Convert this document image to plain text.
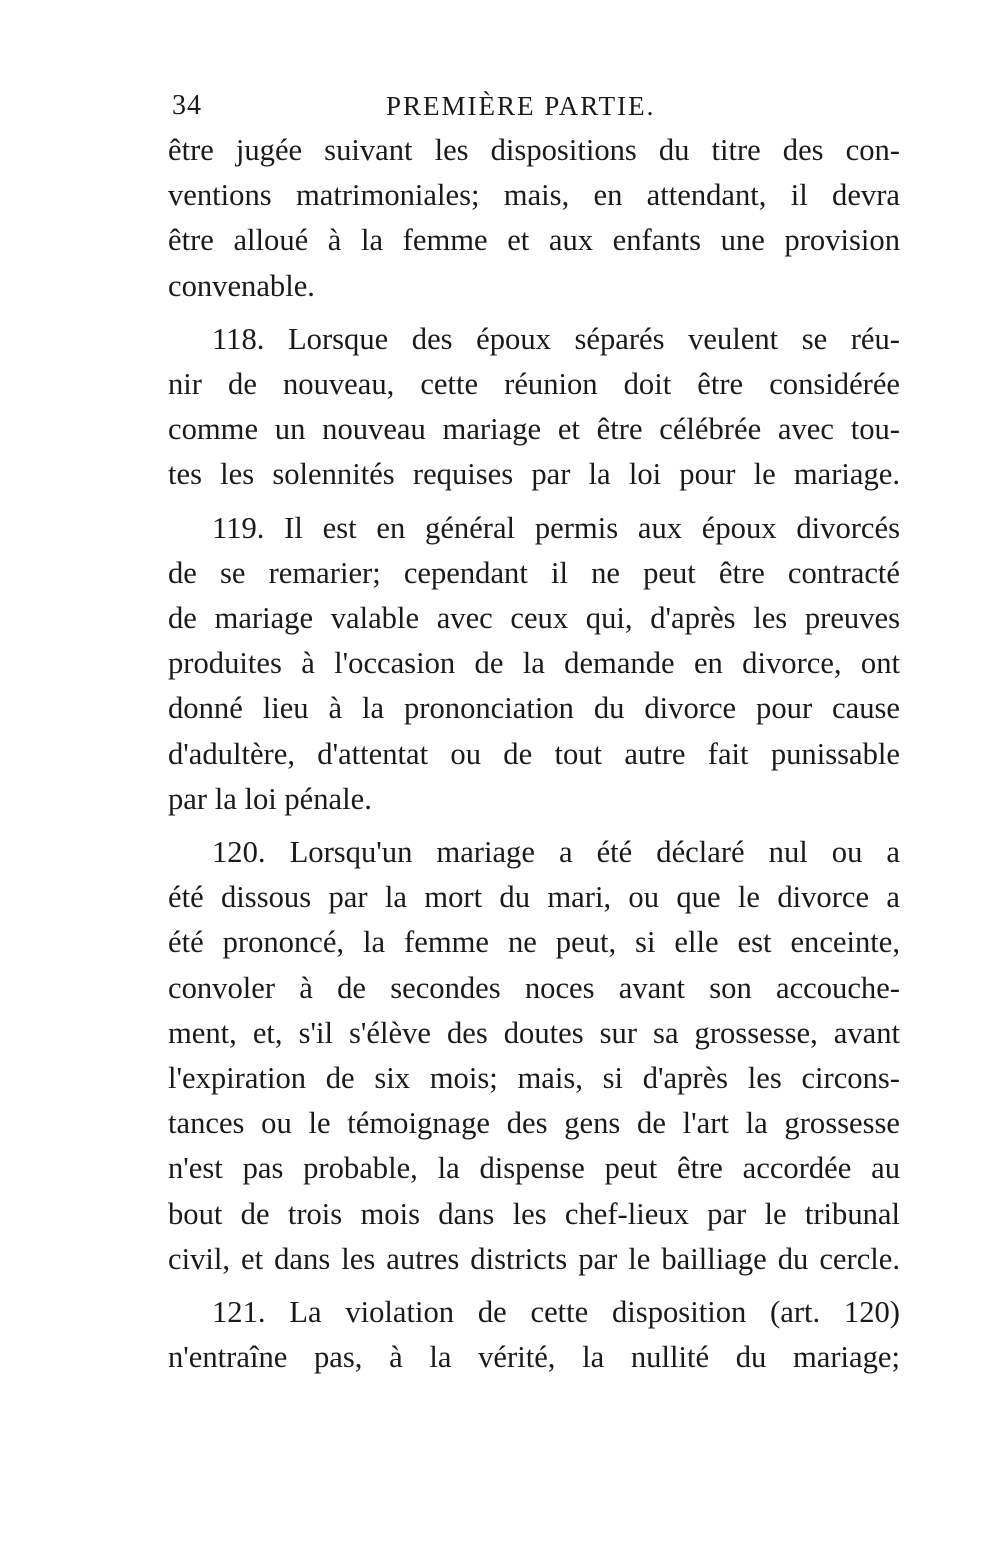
34	PREMIÈRE PARTIE.

être jugée suivant les dispositions du titre des con-
ventions matrimoniales; mais, en attendant, il devra
être alloué à la femme et aux enfants une provision
convenable.

118. Lorsque des époux séparés veulent se réu-
nir de nouveau, cette réunion doit être considérée
comme un nouveau mariage et être célébrée avec tou-
tes les solennités requises par la loi pour le mariage.

119. Il est en général permis aux époux divorcés
de se remarier; cependant il ne peut être contracté
de mariage valable avec ceux qui, d'après les preuves
produites à l'occasion de la demande en divorce, ont
donné lieu à la prononciation du divorce pour cause
d'adultère, d'attentat ou de tout autre fait punissable
par la loi pénale.

120. Lorsqu'un mariage a été déclaré nul ou a
été dissous par la mort du mari, ou que le divorce a
été prononcé, la femme ne peut, si elle est enceinte,
convoler à de secondes noces avant son accouche-
ment, et, s'il s'élève des doutes sur sa grossesse, avant
l'expiration de six mois; mais, si d'après les circons-
tances ou le témoignage des gens de l'art la grossesse
n'est pas probable, la dispense peut être accordée au
bout de trois mois dans les chef-lieux par le tribunal
civil, et dans les autres districts par le bailliage du cercle.

121. La violation de cette disposition (art. 120)
n'entraîne pas, à la vérité, la nullité du mariage;
